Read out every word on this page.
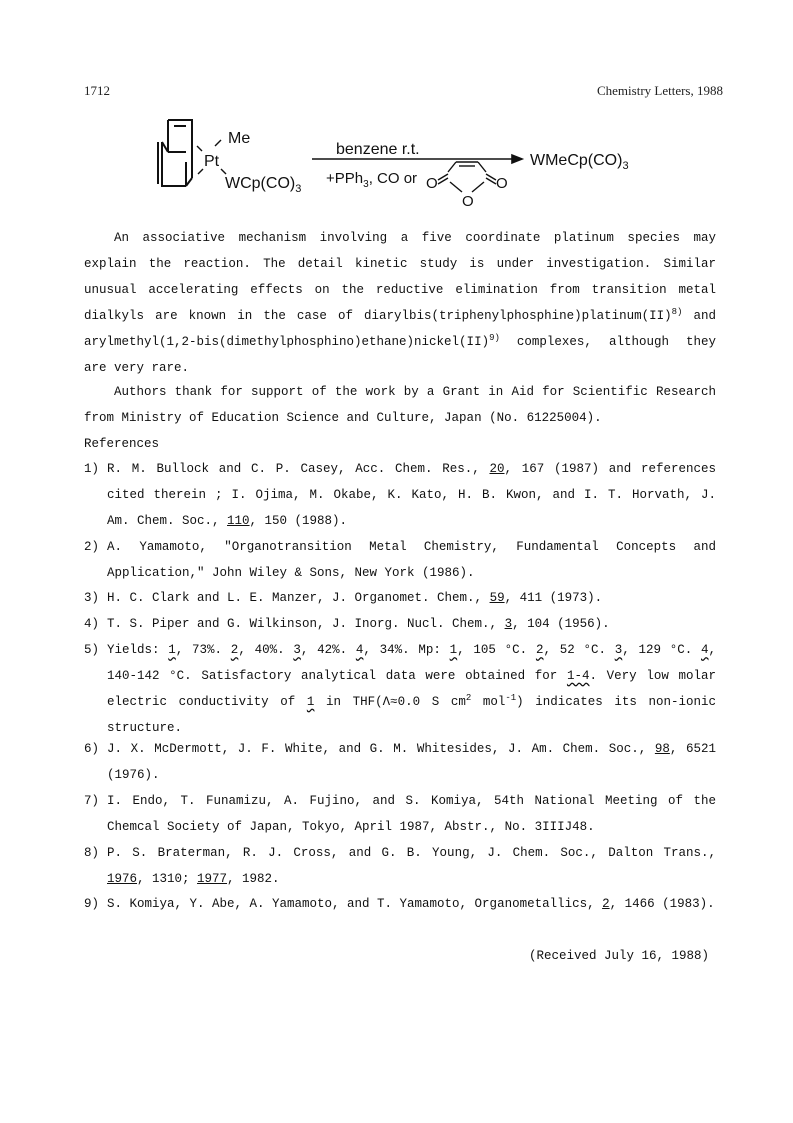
1712	Chemistry Letters, 1988
Me
Pt
$WCp(CO)_3$
benzene r.t.
+PPh$_3$, CO or O	O
O
$WMeCp(CO)_3$

An associative mechanism involving a five coordinate platinum species may explain the reaction. The detail kinetic study is under investigation. Similar unusual accelerating effects on the reductive elimination from transition metal dialkyls are known in the case of diarylbis(triphenylphosphine)platinum(II)$^{8)}$ and arylmethyl(1,2-bis(dimethylphosphino)ethane)nickel(II)$^{9)}$ complexes, although they are very rare.

Authors thank for support of the work by a Grant in Aid for Scientific Research from Ministry of Education Science and Culture, Japan (No. 61225004).

References
1) R. M. Bullock and C. P. Casey, Acc. Chem. Res., 20, 167 (1987) and references cited therein ; I. Ojima, M. Okabe, K. Kato, H. B. Kwon, and I. T. Horvath, J. Am. Chem. Soc., 110, 150 (1988).
2) A. Yamamoto, "Organotransition Metal Chemistry, Fundamental Concepts and Application," John Wiley & Sons, New York (1986).
3) H. C. Clark and L. E. Manzer, J. Organomet. Chem., 59, 411 (1973).
4) T. S. Piper and G. Wilkinson, J. Inorg. Nucl. Chem., 3, 104 (1956).
5) Yields: 1, 73%. 2, 40%. 3, 42%. 4, 34%. Mp: 1, 105 °C. 2, 52 °C. 3, 129 °C. 4, 140-142 °C. Satisfactory analytical data were obtained for 1-4. Very low molar electric conductivity of 1 in THF(Λ≈0.0 S $cm^2$ mol$^{-1}$) indicates its non-ionic structure.
6) J. X. McDermott, J. F. White, and G. M. Whitesides, J. Am. Chem. Soc., 98, 6521 (1976).
7) I. Endo, T. Funamizu, A. Fujino, and S. Komiya, 54th National Meeting of the Chemcal Society of Japan, Tokyo, April 1987, Abstr., No. 3IIIJ48.
8) P. S. Braterman, R. J. Cross, and G. B. Young, J. Chem. Soc., Dalton Trans., 1976, 1310; 1977, 1982.
9) S. Komiya, Y. Abe, A. Yamamoto, and T. Yamamoto, Organometallics, 2, 1466 (1983).
(Received July 16, 1988)
